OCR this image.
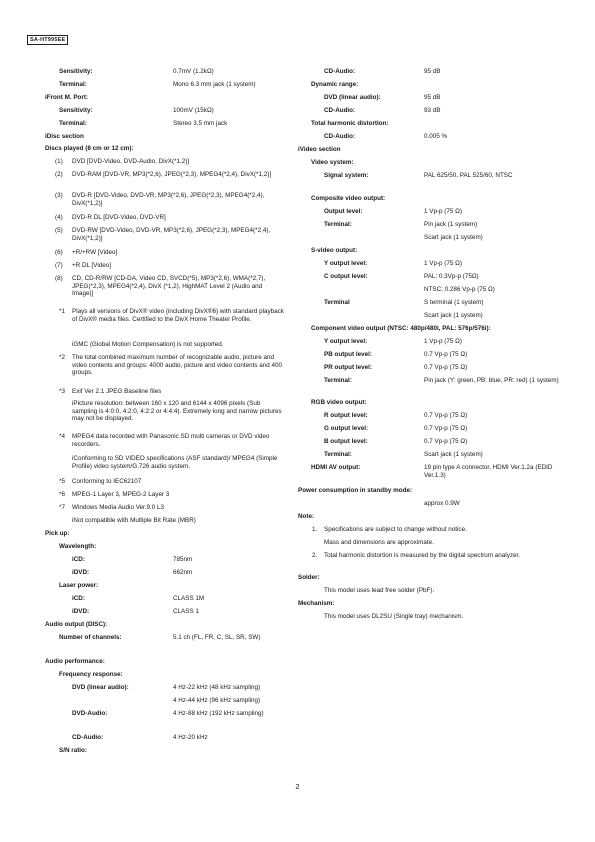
SA-HT995EE
Sensitivity:	0.7mV (1.2kΩ)
Terminal:	Mono 6.3 mm jack (1 system)
iFront M. Port:
Sensitivity:	100mV (15kΩ)
Terminal:	Stereo 3.5 mm jack
iDisc section
Discs played (8 cm or 12 cm):
(1) DVD [DVD-Video, DVD-Audio, DivX(*1,2)]
(2) DVD-RAM [DVD-VR, MP3(*2,6), JPEG(*2,3), MPEG4(*2,4), DivX(*1,2)]
(3) DVD-R [DVD-Video, DVD-VR, MP3(*2,6), JPEG(*2,3), MPEG4(*2,4), DivX(*1,2)]
(4) DVD-R DL [DVD-Video, DVD-VR]
(5) DVD-RW [DVD-Video, DVD-VR, MP3(*2,6), JPEG(*2,3), MPEG4(*2,4), DivX(*1,2)]
(6) +R/+RW [Video]
(7) +R DL [Video]
(8) CD, CD-R/RW [CD-DA, Video CD, SVCD(*5), MP3(*2,6), WMA(*2,7), JPEG(*2,3), MPEG4(*2,4), DivX (*1,2), HighMAT Level 2 (Audio and Image)]
*1 Plays all versions of DivX® video (including DivX®6) with standard playback of DivX® media files. Certified to the DivX Home Theater Profile.
iGMC (Global Motion Compensation) is not supported.
*2 The total combined maximum number of recognizable audio, picture and video contents and groups: 4000 audio, picture and video contents and 400 groups.
*3 Exif Ver 2.1 JPEG Baseline files
iPicture resolution: between 160 x 120 and 6144 x 4096 pixels (Sub sampling is 4:0:0, 4:2:0, 4:2:2 or 4:4:4). Extremely long and narrow pictures may not be displayed.
*4 MPEG4 data recorded with Panasonic SD multi cameras or DVD video recorders.
iConforming to SD VIDEO specifications (ASF standard)/ MPEG4 (Simple Profile) video system/G.726 audio system.
*5 Conforming to IEC62107
*6 MPEG-1 Layer 3, MPEG-2 Layer 3
*7 Windows Media Audio Ver.9.0 L3
iNot compatible with Multiple Bit Rate (MBR)
Pick up:
Wavelength:
iCD:	785nm
iDVD:	662nm
Laser power:
iCD:	CLASS 1M
iDVD:	CLASS 1
Audio output (DISC):
Number of channels:	5.1 ch (FL, FR, C, SL, SR, SW)
Audio performance:
Frequency response:
DVD (linear audio):	4 Hz-22 kHz (48 kHz sampling)
4 Hz-44 kHz (96 kHz sampling)
DVD-Audio:	4 Hz-88 kHz (192 kHz sampling)
CD-Audio:	4 Hz-20 kHz
S/N ratio:
CD-Audio:	95 dB
Dynamic range:
DVD (linear audio):	95 dB
CD-Audio:	93 dB
Total harmonic distortion:
CD-Audio:	0.005 %
iVideo section
Video system:
Signal system:	PAL 625/50, PAL 525/60, NTSC
Composite video output:
Output level:	1 Vp-p (75 Ω)
Terminal:	Pin jack (1 system)
Scart jack (1 system)
S-video output:
Y output level:	1 Vp-p (75 Ω)
C output level:	PAL; 0.3Vp-p (75Ω)
NTSC; 0.286 Vp-p (75 Ω)
Terminal	S terminal (1 system)
Scart jack (1 system)
Component video output (NTSC: 480p/480i, PAL: 576p/576i):
Y output level:	1 Vp-p (75 Ω)
PB output level:	0.7 Vp-p (75 Ω)
PR output level:	0.7 Vp-p (75 Ω)
Terminal:	Pin jack (Y: green, PB: blue, PR: red) (1 system)
RGB video output:
R output level:	0.7 Vp-p (75 Ω)
G output level:	0.7 Vp-p (75 Ω)
B output level:	0.7 Vp-p (75 Ω)
Terminal:	Scart jack (1 system)
HDMI AV output:	19 pin type A connector, HDMI Ver.1.2a (EDID Ver.1.3)
Power consumption in standby mode:
approx 0.9W
Note:
1. Specifications are subject to change without notice.
Mass and dimensions are approximate.
2. Total harmonic distortion is measured by the digital spectrum analyzer.
Solder:
This model uses lead free solder (PbF).
Mechanism:
This model uses DL2SU (Single tray) mechanism.
2
